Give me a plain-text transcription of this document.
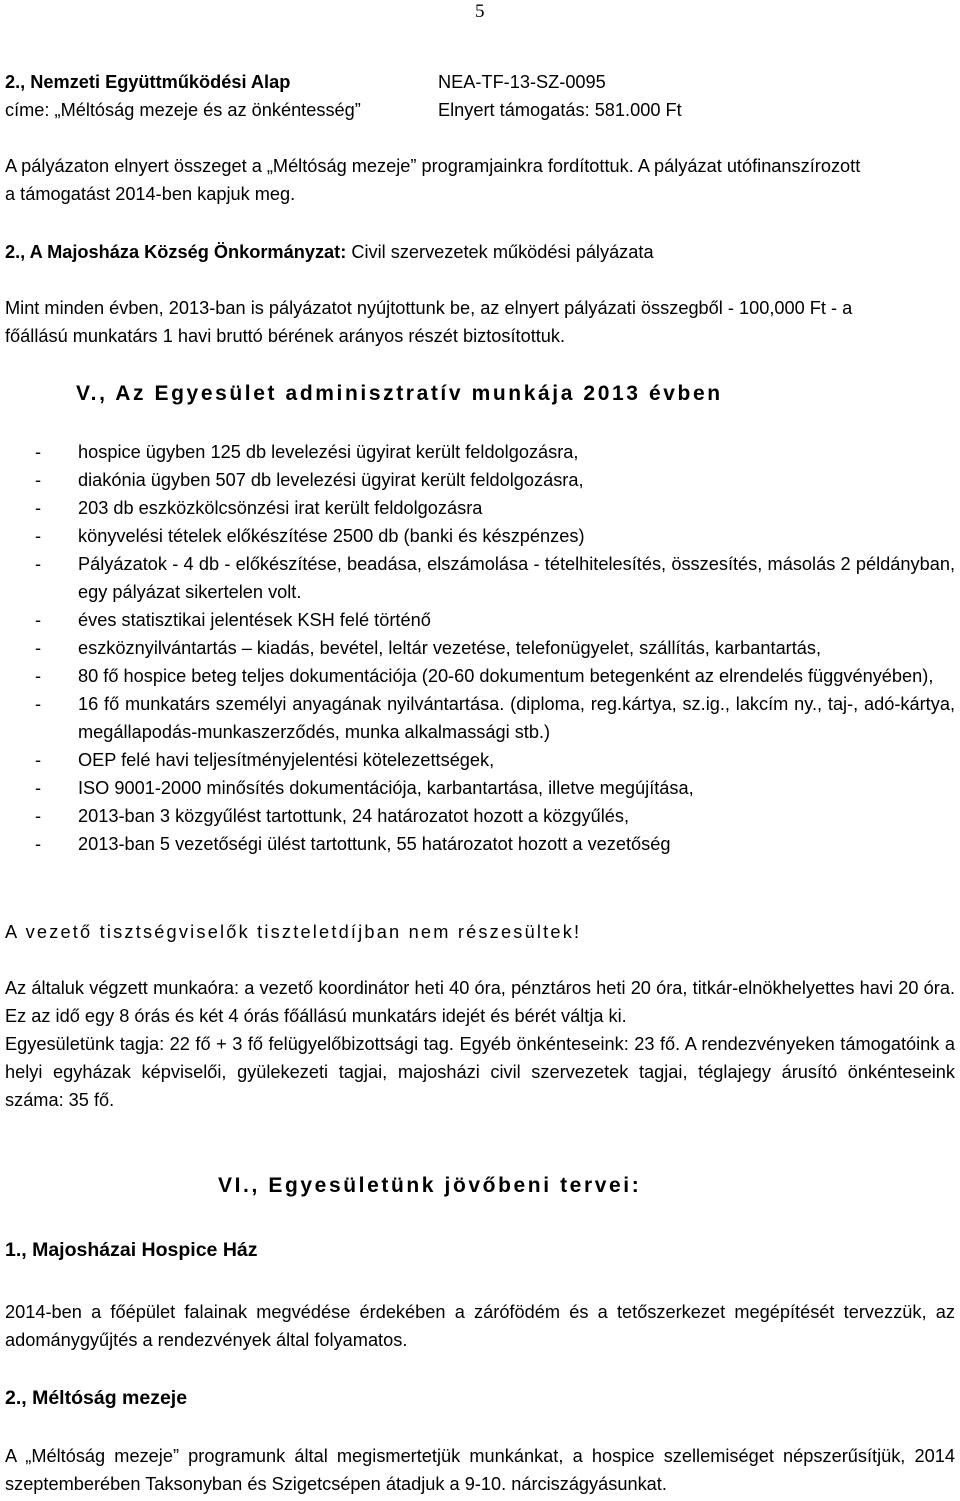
5
2., Nemzeti Együttműködési Alap	NEA-TF-13-SZ-0095
címe: „Méltóság mezeje és az önkéntesség”	Elnyert támogatás: 581.000 Ft
A pályázaton elnyert összeget a „Méltóság mezeje” programjainkra fordítottuk. A pályázat utófinanszírozott
a támogatást 2014-ben kapjuk meg.
2., A Majosháza Község Önkormányzat: Civil szervezetek működési pályázata
Mint minden évben, 2013-ban is pályázatot nyújtottunk be, az elnyert pályázati összegből - 100,000 Ft - a
főállású munkatárs 1 havi bruttó bérének arányos részét biztosítottuk.
V., Az Egyesület adminisztratív munkája 2013 évben
- hospice ügyben 125 db levelezési ügyirat került feldolgozásra,
- diakónia ügyben 507 db levelezési ügyirat került feldolgozásra,
- 203 db eszközkölcsönzési irat került feldolgozásra
- könyvelési tételek előkészítése 2500 db (banki és készpénzes)
- Pályázatok - 4 db - előkészítése, beadása, elszámolása - tételhitelesítés, összesítés, másolás 2 példányban, egy pályázat sikertelen volt.
- éves statisztikai jelentések KSH felé történő
- eszköznyilvántartás – kiadás, bevétel, leltár vezetése, telefonügyelet, szállítás, karbantartás,
- 80 fő hospice beteg teljes dokumentációja (20-60 dokumentum betegenként az elrendelés függvényében),
- 16 fő munkatárs személyi anyagának nyilvántartása. (diploma, reg.kártya, sz.ig., lakcím ny., taj-, adó-kártya, megállapodás-munkaszerződés, munka alkalmassági stb.)
- OEP felé havi teljesítményjelentési kötelezettségek,
- ISO 9001-2000 minősítés dokumentációja, karbantartása, illetve megújítása,
- 2013-ban 3 közgyűlést tartottunk, 24 határozatot hozott a közgyűlés,
- 2013-ban 5 vezetőségi ülést tartottunk, 55 határozatot hozott a vezetőség
A vezető tisztségviselők tiszteletdíjban nem részesültek!
Az általuk végzett munkaóra: a vezető koordinátor heti 40 óra, pénztáros heti 20 óra, titkár-elnökhelyettes havi 20 óra. Ez az idő egy 8 órás és két 4 órás főállású munkatárs idejét és bérét váltja ki.
Egyesületünk tagja: 22 fő + 3 fő felügyelőbizottsági tag. Egyéb önkénteseink: 23 fő. A rendezvényeken támogatóink a helyi egyházak képviselői, gyülekezeti tagjai, majosházi civil szervezetek tagjai, téglajegy árusító önkénteseink száma: 35 fő.
VI., Egyesületünk jövőbeni tervei:
1., Majosházai Hospice Ház
2014-ben a főépület falainak megvédése érdekében a zárófödém és a tetőszerkezet megépítését tervezzük, az adománygyűjtés a rendezvények által folyamatos.
2., Méltóság mezeje
A „Méltóság mezeje” programunk által megismertetjük munkánkat, a hospice szellemiséget népszerűsítjük, 2014 szeptemberében Taksonyban és Szigetcsépen átadjuk a 9-10. nárciszágyásunkat.
